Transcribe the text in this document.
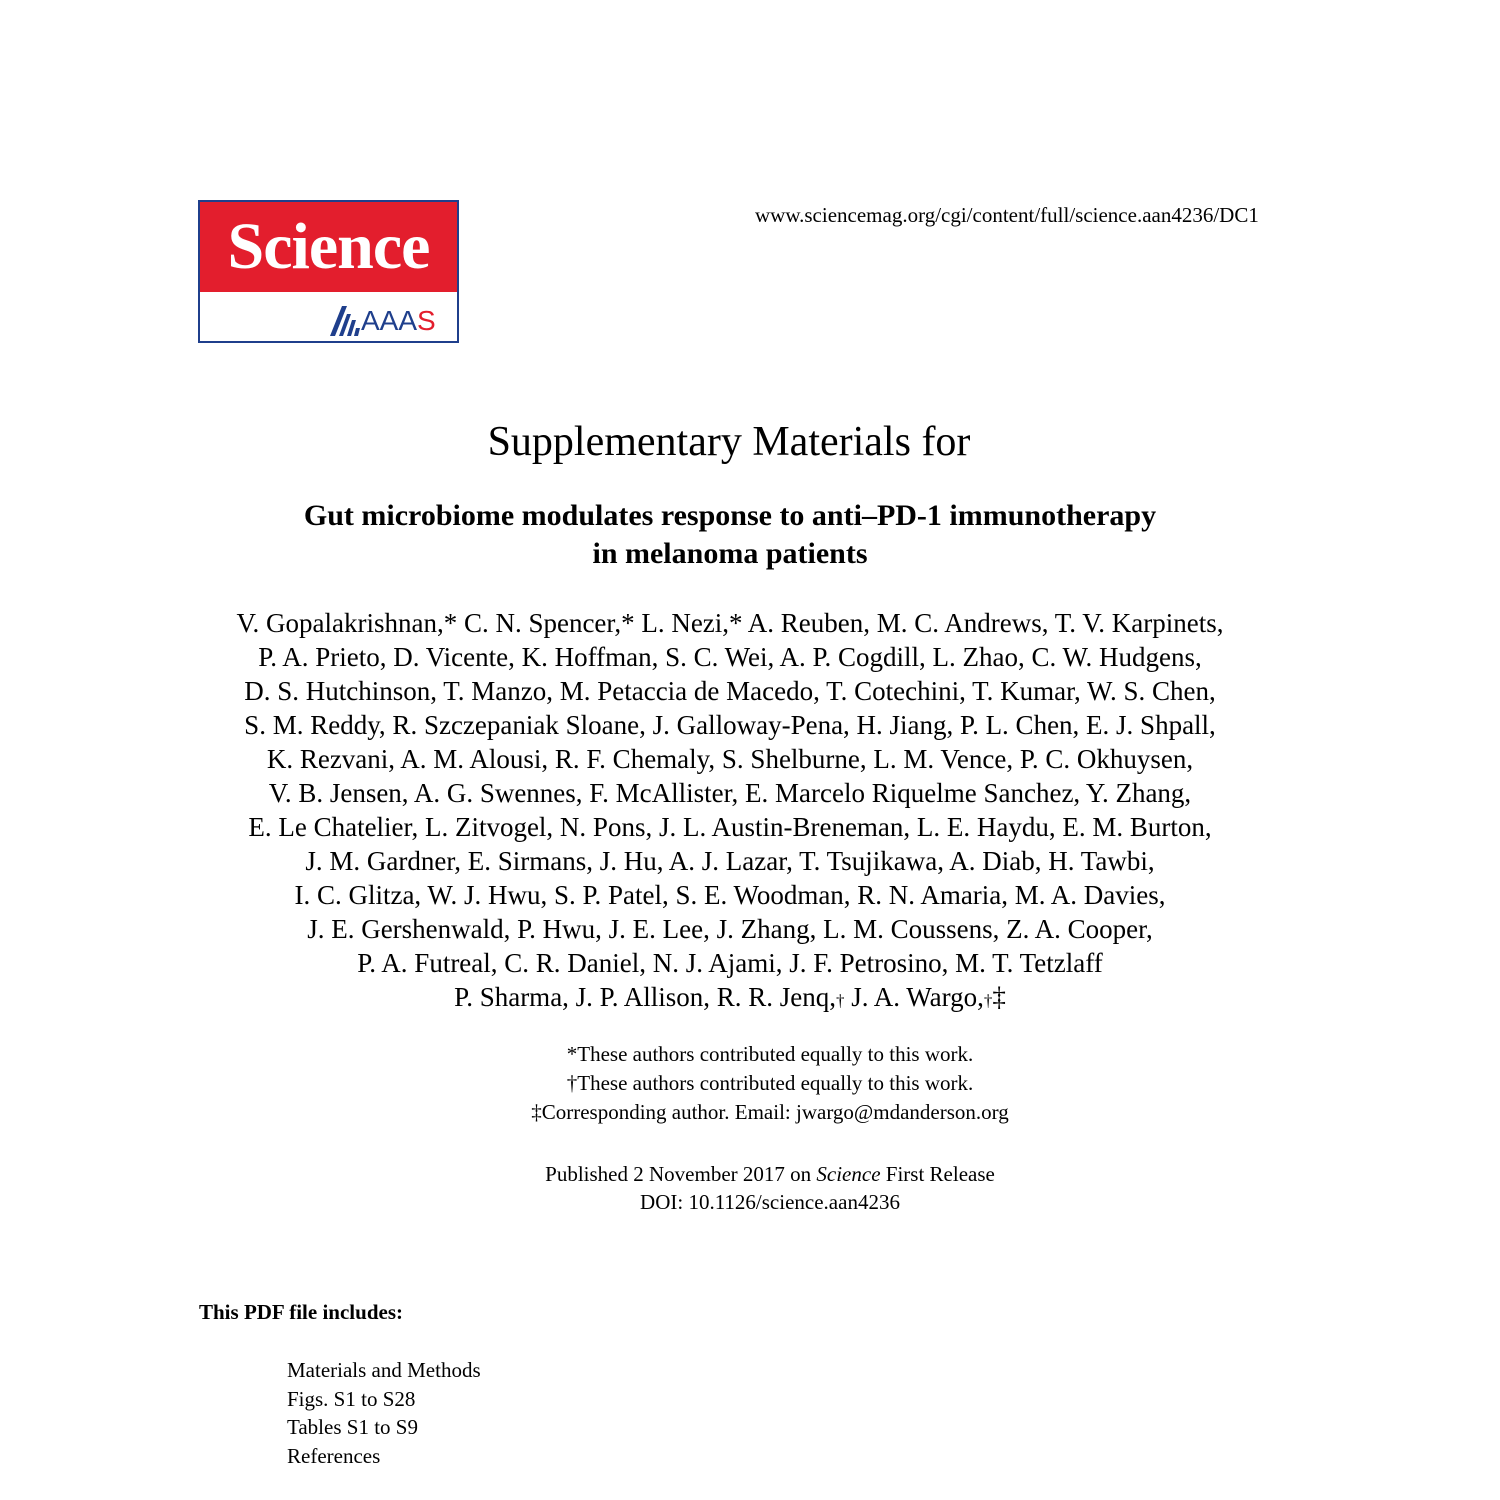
Science
AAAS
www.sciencemag.org/cgi/content/full/science.aan4236/DC1
Supplementary Materials for
Gut microbiome modulates response to anti–PD-1 immunotherapy
in melanoma patients
V. Gopalakrishnan,* C. N. Spencer,* L. Nezi,* A. Reuben, M. C. Andrews, T. V. Karpinets,
P. A. Prieto, D. Vicente, K. Hoffman, S. C. Wei, A. P. Cogdill, L. Zhao, C. W. Hudgens,
D. S. Hutchinson, T. Manzo, M. Petaccia de Macedo, T. Cotechini, T. Kumar, W. S. Chen,
S. M. Reddy, R. Szczepaniak Sloane, J. Galloway-Pena, H. Jiang, P. L. Chen, E. J. Shpall,
K. Rezvani, A. M. Alousi, R. F. Chemaly, S. Shelburne, L. M. Vence, P. C. Okhuysen,
V. B. Jensen, A. G. Swennes, F. McAllister, E. Marcelo Riquelme Sanchez, Y. Zhang,
E. Le Chatelier, L. Zitvogel, N. Pons, J. L. Austin-Breneman, L. E. Haydu, E. M. Burton,
J. M. Gardner, E. Sirmans, J. Hu, A. J. Lazar, T. Tsujikawa, A. Diab, H. Tawbi,
I. C. Glitza, W. J. Hwu, S. P. Patel, S. E. Woodman, R. N. Amaria, M. A. Davies,
J. E. Gershenwald, P. Hwu, J. E. Lee, J. Zhang, L. M. Coussens, Z. A. Cooper,
P. A. Futreal, C. R. Daniel, N. J. Ajami, J. F. Petrosino, M. T. Tetzlaff
P. Sharma, J. P. Allison, R. R. Jenq,† J. A. Wargo,†‡
*These authors contributed equally to this work.
†These authors contributed equally to this work.
‡Corresponding author. Email: jwargo@mdanderson.org
Published 2 November 2017 on Science First Release
DOI: 10.1126/science.aan4236
This PDF file includes:
Materials and Methods
Figs. S1 to S28
Tables S1 to S9
References
